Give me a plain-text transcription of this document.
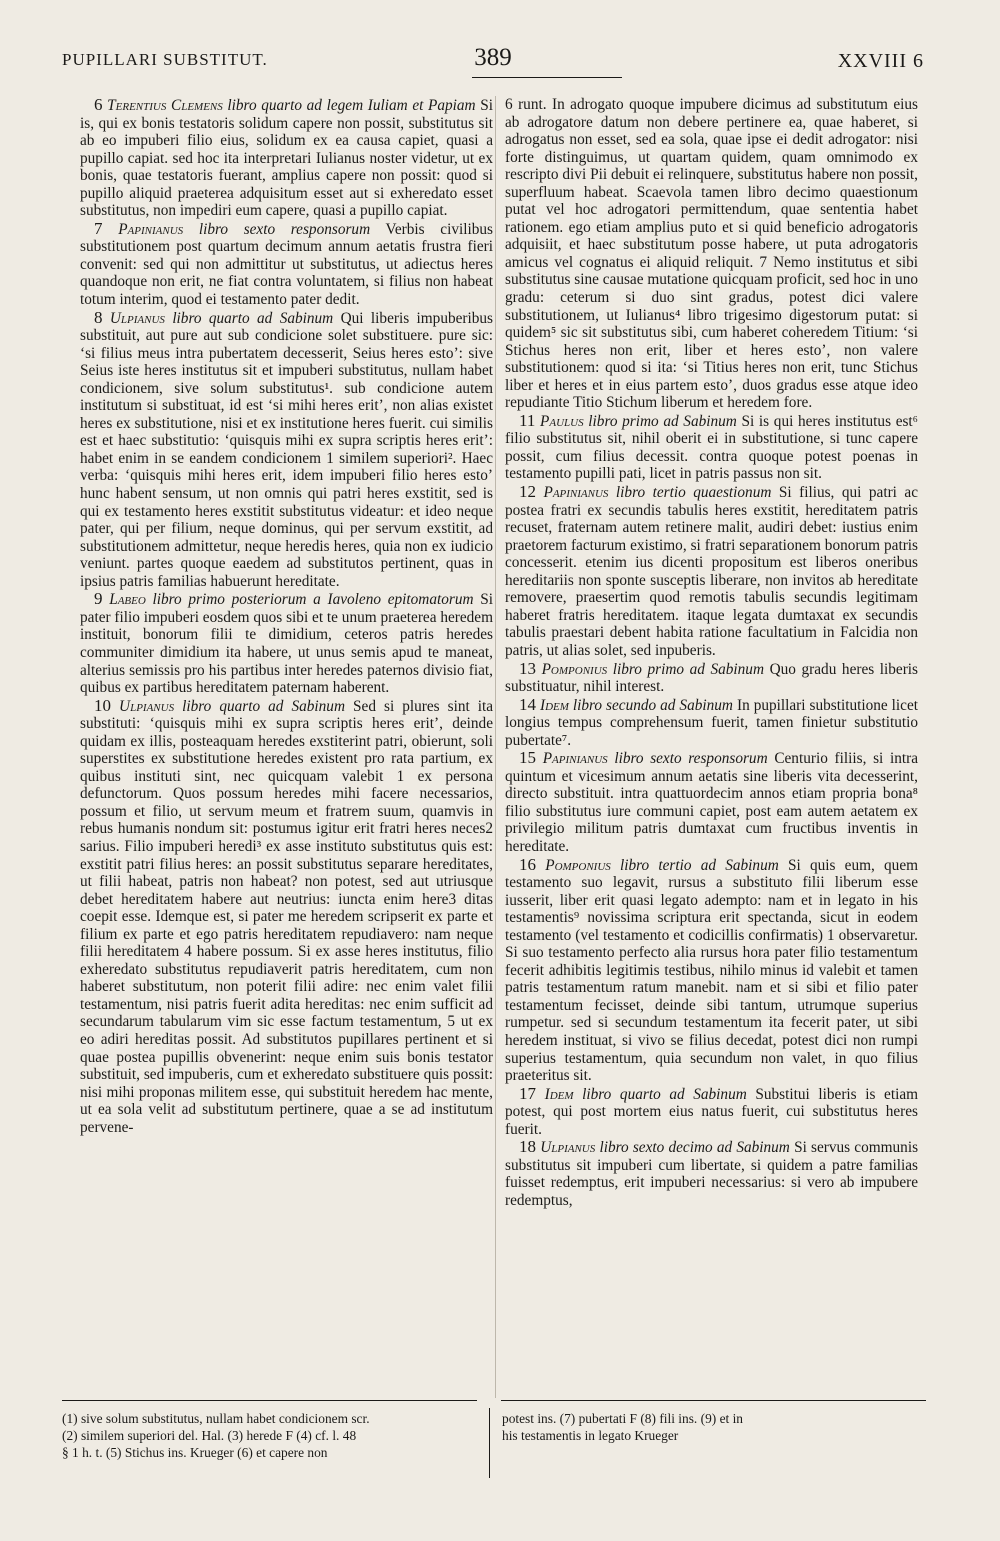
PUPILLARI SUBSTITUT.	389	XXVIII 6

6 Terentius Clemens libro quarto ad legem Iuliam et Papiam Si is, qui ex bonis testatoris solidum capere non possit, substitutus sit ab eo impuberi filio eius, solidum ex ea causa capiet, quasi a pupillo capiat. sed hoc ita interpretari Iulianus noster videtur, ut ex bonis, quae testatoris fuerant, amplius capere non possit: quod si pupillo aliquid praeterea adquisitum esset aut si exheredato esset substitutus, non impediri eum capere, quasi a pupillo capiat.

7 Papinianus libro sexto responsorum Verbis civilibus substitutionem post quartum decimum annum aetatis frustra fieri convenit: sed qui non admittitur ut substitutus, ut adiectus heres quandoque non erit, ne fiat contra voluntatem, si filius non habeat totum interim, quod ei testamento pater dedit.

8 Ulpianus libro quarto ad Sabinum Qui liberis impuberibus substituit, aut pure aut sub condicione solet substituere. pure sic: ‘si filius meus intra pubertatem decesserit, Seius heres esto’: sive Seius iste heres institutus sit et impuberi substitutus, nullam habet condicionem, sive solum substitutus¹. sub condicione autem institutum si substituat, id est ‘si mihi heres erit’, non alias existet heres ex substitutione, nisi et ex institutione heres fuerit. cui similis est et haec substitutio: ‘quisquis mihi ex supra scriptis heres erit’: habet enim in se eandem condicionem 1 similem superiori². Haec verba: ‘quisquis mihi heres erit, idem impuberi filio heres esto’ hunc habent sensum, ut non omnis qui patri heres exstitit, sed is qui ex testamento heres exstitit substitutus videatur: et ideo neque pater, qui per filium, neque dominus, qui per servum exstitit, ad substitutionem admittetur, neque heredis heres, quia non ex iudicio veniunt. partes quoque eaedem ad substitutos pertinent, quas in ipsius patris familias habuerunt hereditate.

9 Labeo libro primo posteriorum a Iavoleno epitomatorum Si pater filio impuberi eosdem quos sibi et te unum praeterea heredem instituit, bonorum filii te dimidium, ceteros patris heredes communiter dimidium ita habere, ut unus semis apud te maneat, alterius semissis pro his partibus inter heredes paternos divisio fiat, quibus ex partibus hereditatem paternam haberent.

10 Ulpianus libro quarto ad Sabinum Sed si plures sint ita substituti: ‘quisquis mihi ex supra scriptis heres erit’, deinde quidam ex illis, posteaquam heredes exstiterint patri, obierunt, soli superstites ex substitutione heredes existent pro rata partium, ex quibus instituti sint, nec quicquam valebit 1 ex persona defunctorum. Quos possum heredes mihi facere necessarios, possum et filio, ut servum meum et fratrem suum, quamvis in rebus humanis nondum sit: postumus igitur erit fratri heres neces2 sarius. Filio impuberi heredi³ ex asse instituto substitutus quis est: exstitit patri filius heres: an possit substitutus separare hereditates, ut filii habeat, patris non habeat? non potest, sed aut utriusque debet hereditatem habere aut neutrius: iuncta enim here3 ditas coepit esse. Idemque est, si pater me heredem scripserit ex parte et filium ex parte et ego patris hereditatem repudiavero: nam neque filii hereditatem 4 habere possum. Si ex asse heres institutus, filio exheredato substitutus repudiaverit patris hereditatem, cum non haberet substitutum, non poterit filii adire: nec enim valet filii testamentum, nisi patris fuerit adita hereditas: nec enim sufficit ad secundarum tabularum vim sic esse factum testamentum, 5 ut ex eo adiri hereditas possit. Ad substitutos pupillares pertinent et si quae postea pupillis obvenerint: neque enim suis bonis testator substituit, sed impuberis, cum et exheredato substituere quis possit: nisi mihi proponas militem esse, qui substituit heredem hac mente, ut ea sola velit ad substitutum pertinere, quae a se ad institutum pervene-

6 runt. In adrogato quoque impubere dicimus ad substitutum eius ab adrogatore datum non debere pertinere ea, quae haberet, si adrogatus non esset, sed ea sola, quae ipse ei dedit adrogator: nisi forte distinguimus, ut quartam quidem, quam omnimodo ex rescripto divi Pii debuit ei relinquere, substitutus habere non possit, superfluum habeat. Scaevola tamen libro decimo quaestionum putat vel hoc adrogatori permittendum, quae sententia habet rationem. ego etiam amplius puto et si quid beneficio adrogatoris adquisiit, et haec substitutum posse habere, ut puta adrogatoris amicus vel cognatus ei aliquid reliquit. 7 Nemo institutus et sibi substitutus sine causae mutatione quicquam proficit, sed hoc in uno gradu: ceterum si duo sint gradus, potest dici valere substitutionem, ut Iulianus⁴ libro trigesimo digestorum putat: si quidem⁵ sic sit substitutus sibi, cum haberet coheredem Titium: ‘si Stichus heres non erit, liber et heres esto’, non valere substitutionem: quod si ita: ‘si Titius heres non erit, tunc Stichus liber et heres et in eius partem esto’, duos gradus esse atque ideo repudiante Titio Stichum liberum et heredem fore.

11 Paulus libro primo ad Sabinum Si is qui heres institutus est⁶ filio substitutus sit, nihil oberit ei in substitutione, si tunc capere possit, cum filius decessit. contra quoque potest poenas in testamento pupilli pati, licet in patris passus non sit.

12 Papinianus libro tertio quaestionum Si filius, qui patri ac postea fratri ex secundis tabulis heres exstitit, hereditatem patris recuset, fraternam autem retinere malit, audiri debet: iustius enim praetorem facturum existimo, si fratri separationem bonorum patris concesserit. etenim ius dicenti propositum est liberos oneribus hereditariis non sponte susceptis liberare, non invitos ab hereditate removere, praesertim quod remotis tabulis secundis legitimam haberet fratris hereditatem. itaque legata dumtaxat ex secundis tabulis praestari debent habita ratione facultatium in Falcidia non patris, ut alias solet, sed inpuberis.

13 Pomponius libro primo ad Sabinum Quo gradu heres liberis substituatur, nihil interest.

14 Idem libro secundo ad Sabinum In pupillari substitutione licet longius tempus comprehensum fuerit, tamen finietur substitutio pubertate⁷.

15 Papinianus libro sexto responsorum Centurio filiis, si intra quintum et vicesimum annum aetatis sine liberis vita decesserint, directo substituit. intra quattuordecim annos etiam propria bona⁸ filio substitutus iure communi capiet, post eam autem aetatem ex privilegio militum patris dumtaxat cum fructibus inventis in hereditate.

16 Pomponius libro tertio ad Sabinum Si quis eum, quem testamento suo legavit, rursus a substituto filii liberum esse iusserit, liber erit quasi legato adempto: nam et in legato in his testamentis⁹ novissima scriptura erit spectanda, sicut in eodem testamento (vel testamento et codicillis confirmatis) 1 observaretur. Si suo testamento perfecto alia rursus hora pater filio testamentum fecerit adhibitis legitimis testibus, nihilo minus id valebit et tamen patris testamentum ratum manebit. nam et si sibi et filio pater testamentum fecisset, deinde sibi tantum, utrumque superius rumpetur. sed si secundum testamentum ita fecerit pater, ut sibi heredem instituat, si vivo se filius decedat, potest dici non rumpi superius testamentum, quia secundum non valet, in quo filius praeteritus sit.

17 Idem libro quarto ad Sabinum Substitui liberis is etiam potest, qui post mortem eius natus fuerit, cui substitutus heres fuerit.

18 Ulpianus libro sexto decimo ad Sabinum Si servus communis substitutus sit impuberi cum libertate, si quidem a patre familias fuisset redemptus, erit impuberi necessarius: si vero ab impubere redemptus,

(1) sive solum substitutus, nullam habet condicionem scr.
(2) similem superiori del. Hal. (3) herede F (4) cf. l. 48
§ 1 h. t. (5) Stichus ins. Krueger (6) et capere non
potest ins. (7) pubertati F (8) fili ins. (9) et in
his testamentis in legato Krueger
